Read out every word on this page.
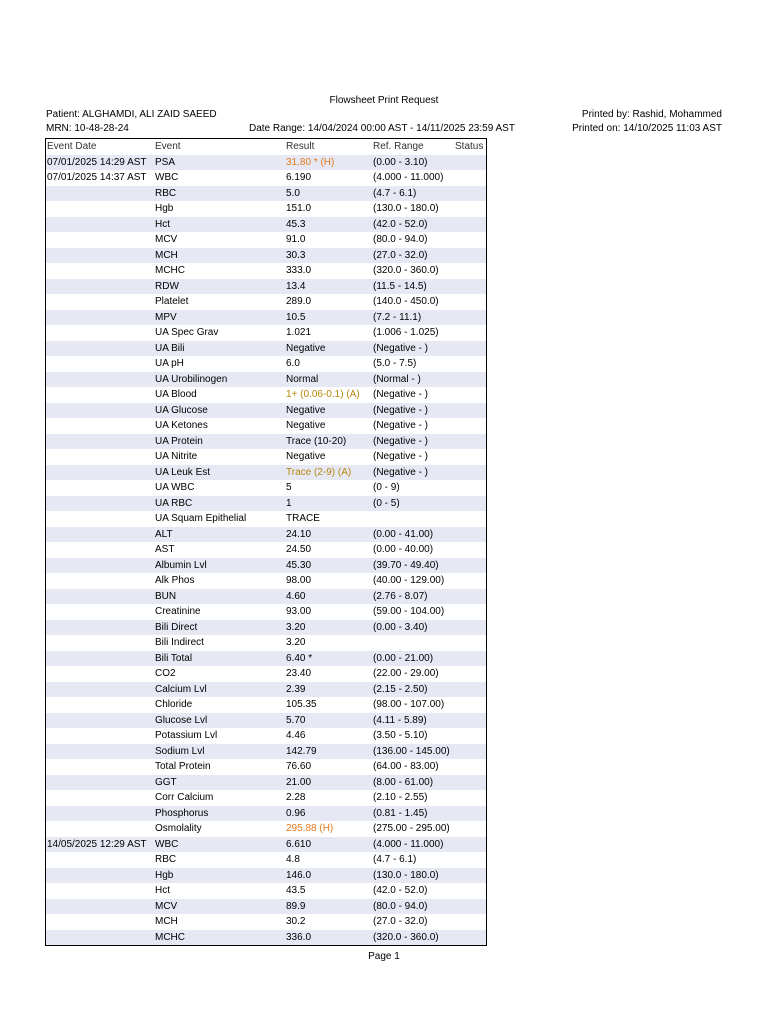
Flowsheet Print Request
Patient: ALGHAMDI, ALI ZAID SAEED
MRN: 10-48-28-24	Date Range: 14/04/2024 00:00 AST - 14/11/2025 23:59 AST
Printed by: Rashid, Mohammed
Printed on: 14/10/2025 11:03 AST
Event Date	Event	Result	Ref. Range	Status
07/01/2025 14:29 AST PSA	31.80 * (H)	(0.00 - 3.10)
07/01/2025 14:37 AST WBC	6.190	(4.000 - 11.000)
RBC	5.0	(4.7 - 6.1)
Hgb	151.0	(130.0 - 180.0)
Hct	45.3	(42.0 - 52.0)
MCV	91.0	(80.0 - 94.0)
MCH	30.3	(27.0 - 32.0)
MCHC	333.0	(320.0 - 360.0)
RDW	13.4	(11.5 - 14.5)
Platelet	289.0	(140.0 - 450.0)
MPV	10.5	(7.2 - 11.1)
UA Spec Grav	1.021	(1.006 - 1.025)
UA Bili	Negative	(Negative - )
UA pH	6.0	(5.0 - 7.5)
UA Urobilinogen	Normal	(Normal - )
UA Blood	1+ (0.06-0.1) (A) (Negative - )
UA Glucose	Negative	(Negative - )
UA Ketones	Negative	(Negative - )
UA Protein	Trace (10-20)	(Negative - )
UA Nitrite	Negative	(Negative - )
UA Leuk Est	Trace (2-9) (A) (Negative - )
UA WBC	5	(0 - 9)
UA RBC	1	(0 - 5)
UA Squam Epithelial	TRACE
ALT	24.10	(0.00 - 41.00)
AST	24.50	(0.00 - 40.00)
Albumin Lvl	45.30	(39.70 - 49.40)
Alk Phos	98.00	(40.00 - 129.00)
BUN	4.60	(2.76 - 8.07)
Creatinine	93.00	(59.00 - 104.00)
Bili Direct	3.20	(0.00 - 3.40)
Bili Indirect	3.20
Bili Total	6.40 *	(0.00 - 21.00)
CO2	23.40	(22.00 - 29.00)
Calcium Lvl	2.39	(2.15 - 2.50)
Chloride	105.35	(98.00 - 107.00)
Glucose Lvl	5.70	(4.11 - 5.89)
Potassium Lvl	4.46	(3.50 - 5.10)
Sodium Lvl	142.79	(136.00 - 145.00)
Total Protein	76.60	(64.00 - 83.00)
GGT	21.00	(8.00 - 61.00)
Corr Calcium	2.28	(2.10 - 2.55)
Phosphorus	0.96	(0.81 - 1.45)
Osmolality	295.88 (H)	(275.00 - 295.00)
14/05/2025 12:29 AST WBC	6.610	(4.000 - 11.000)
RBC	4.8	(4.7 - 6.1)
Hgb	146.0	(130.0 - 180.0)
Hct	43.5	(42.0 - 52.0)
MCV	89.9	(80.0 - 94.0)
MCH	30.2	(27.0 - 32.0)
MCHC	336.0	(320.0 - 360.0)
Page 1
